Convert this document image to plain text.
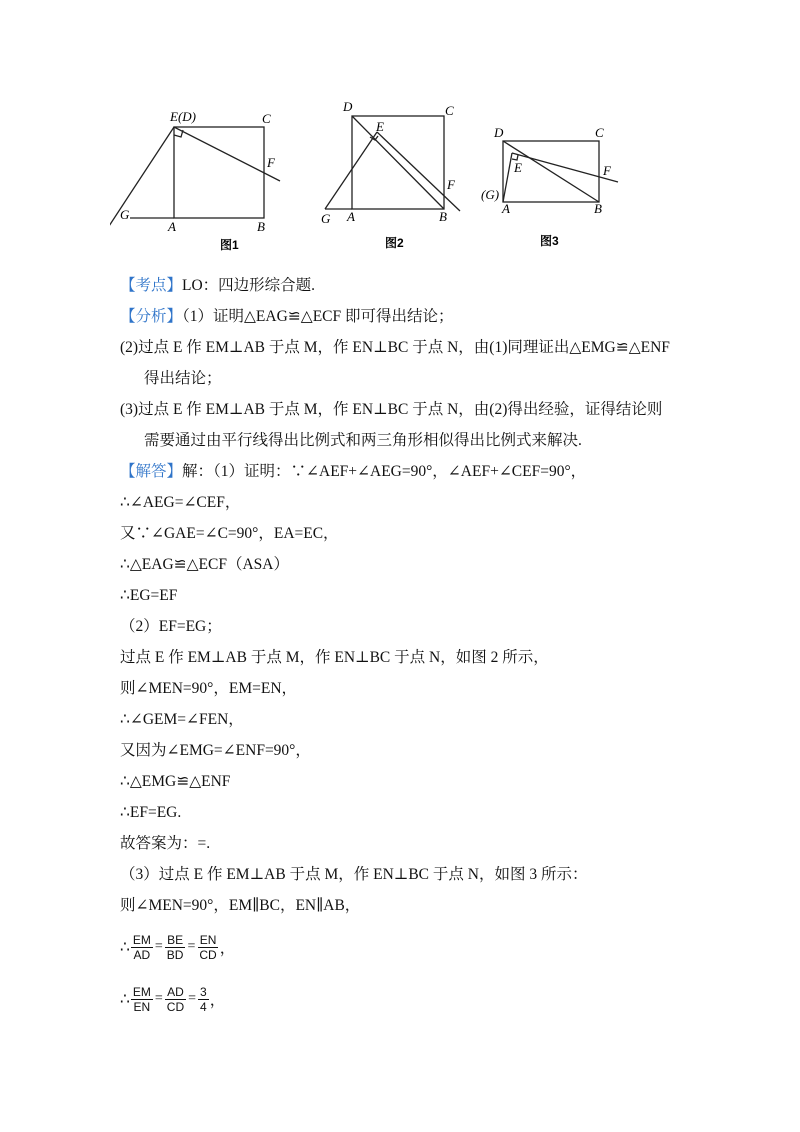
E(D)	C
F
G
A	B
图1
D	C
E
F
G A	B
图2
D	C
E	F
(G)
A	B
图3
【考点】LO：四边形综合题.
【分析】（1）证明△EAG≌△ECF 即可得出结论；
(2)过点 E 作 EM⊥AB 于点 M，作 EN⊥BC 于点 N，由(1)同理证出△EMG≌△ENF
得出结论；
(3)过点 E 作 EM⊥AB 于点 M，作 EN⊥BC 于点 N，由(2)得出经验，证得结论则
需要通过由平行线得出比例式和两三角形相似得出比例式来解决.
【解答】解：（1）证明：∵∠AEF+∠AEG=90°，∠AEF+∠CEF=90°，
∴∠AEG=∠CEF，
又∵∠GAE=∠C=90°，EA=EC，
∴△EAG≌△ECF（ASA）
∴EG=EF
（2）EF=EG；
过点 E 作 EM⊥AB 于点 M，作 EN⊥BC 于点 N，如图 2 所示，
则∠MEN=90°，EM=EN，
∴∠GEM=∠FEN，
又因为∠EMG=∠ENF=90°，
∴△EMG≌△ENF
∴EF=EG.
故答案为：=.
（3）过点 E 作 EM⊥AB 于点 M，作 EN⊥BC 于点 N，如图 3 所示：
则∠MEN=90°，EM∥BC，EN∥AB，
∴ $\frac{EM}{AD} = \frac{BE}{BD} = \frac{EN}{CD}$ ，
∴ $\frac{EM}{EN} = \frac{AD}{CD} = \frac{3}{4}$ ，
